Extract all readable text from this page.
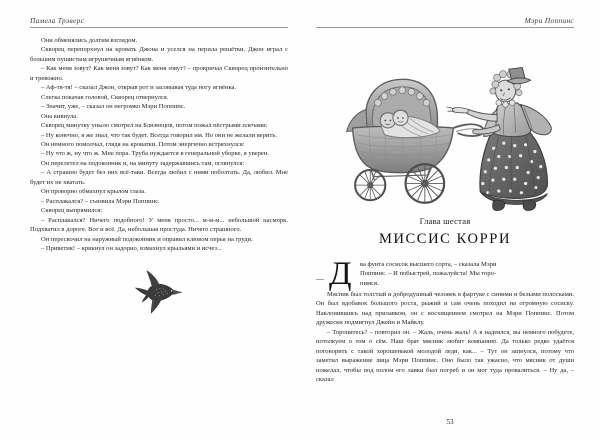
Памела Трэверс

Они обменялись долгим взглядом.

Скворец перепорхнул на кровать Джона и уселся на перила решётки. Джон играл с большим пушистым игрушечным ягнёнком.

– Как меня зовут? Как меня зовут? Как меня зовут? – прокричал Скворец пронзительно и тревожно.

– Аф-тя-тя! – сказал Джон, открыв рот и засовывая туда ногу ягнёнка.

Слегка покачав головой, Скворец отвернулся.

– Значит, уже, – сказал он негромко Мэри Поппинс.

Она кивнула.

Скворец минутку уныло смотрел на Близнецов, потом пожал пёстрыми плечами:

– Ну конечно, я же знал, что так будет. Всегда говорил им. Но они не желали верить.

Он немного помолчал, глядя на кроватки. Потом энергично встряхнулся:

– Ну что ж, ну что ж. Мне пора. Труба нуждается в генеральной уборке, я уверен.

Он перелетел на подоконник и, на минуту задержавшись там, оглянулся:

– А страшно будет без них всё-таки. Всегда любил с ними поболтать. Да, любил. Мне будет их не хватать.

Он проворно обмахнул крылом глаза.

– Расплакался? – съязвила Мэри Поппинс.

Скворец выпрямился:

– Расплакался? Ничего подобного! У меня просто... м-м-м... небольшой насморк. Подхватил в дороге. Вот и всё. Да, небольшая простуда. Ничего страшного.

Он перескочил на наружный подоконник и оправил клювом перья на груди.

– Приветик! – крикнул он задорно, взмахнул крыльями и исчез...

Мэри Поппинс
Глава шестая
МИССИС КОРРИ
— Д ва фунта сосисок высшего сорта, – сказала Мэри

Поппинс. – И побыстрей, пожалуйста! Мы торо-

пимся.

Мясник был толстый и добродушный человек в фартуке с синими и белыми полосками. Он был вдобавок большого роста, рыжий и сам очень походил на огромную сосиску. Наклонившись над прилавком, он с восхищением смотрел на Мэри Поппинс. Потом дружески подмигнул Джейн и Майклу.

– Торопитесь? – повторил он. – Жаль, очень жаль! А я надеялся, вы немного побудете, потолкуем о том о сём. Наш брат мясник любит компанию. Да только редко удаётся поговорить с такой хорошенькой молодой леди, как... – Тут он запнулся, потому что заметил выражение лица Мэри Поппинс. Оно было так ужасно, что мясник от души пожелал, чтобы под полом его лавки был погреб и он мог туда провалиться. – Ну да, – сказал

53
